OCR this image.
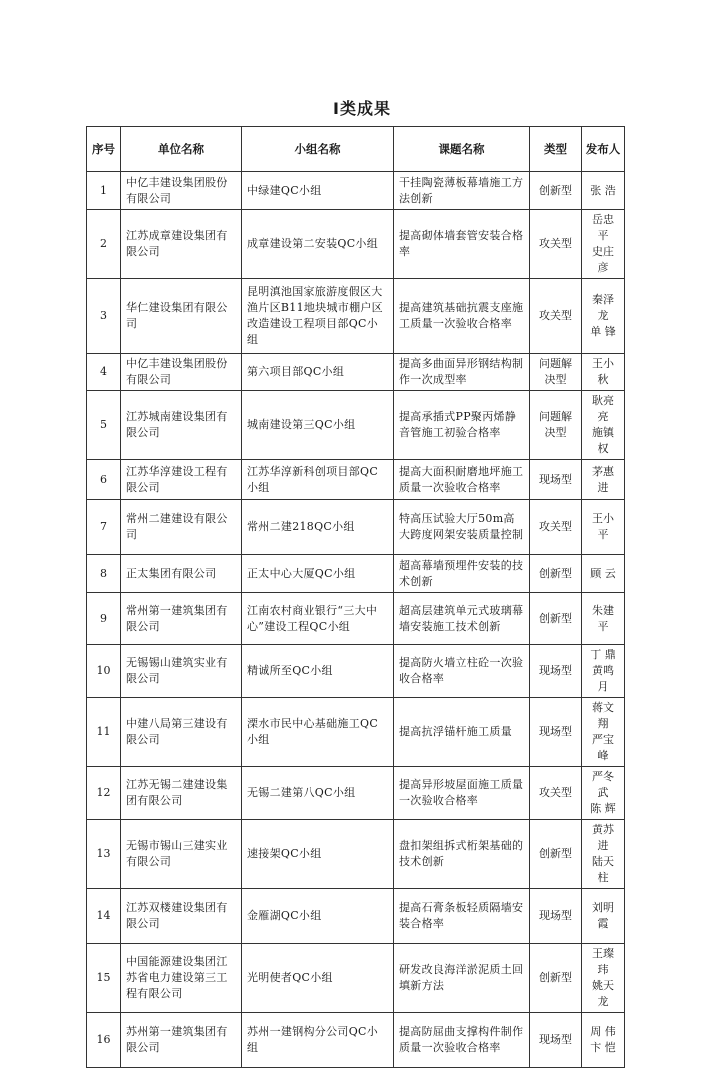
Ⅰ类成果
序号	单位名称	小组名称	课题名称	类型	发布人
1	中亿丰建设集团股份有限公司	中绿建QC小组	干挂陶瓷薄板幕墙施工方法创新	创新型	张 浩
2	江苏成章建设集团有限公司	成章建设第二安装QC小组	提高砌体墙套管安装合格率	攻关型	岳忠平
史庄彦
3	华仁建设集团有限公司	昆明滇池国家旅游度假区大渔片区B11地块城市棚户区改造建设工程项目部QC小组	提高建筑基础抗震支座施工质量一次验收合格率	攻关型	秦泽龙
单 锋
4	中亿丰建设集团股份有限公司	第六项目部QC小组	提高多曲面异形钢结构制作一次成型率	问题解决型	王小秋
5	江苏城南建设集团有限公司	城南建设第三QC小组	提高承插式PP聚丙烯静音管施工初验合格率	问题解决型	耿亮亮
施镇权
6	江苏华淳建设工程有限公司	江苏华淳新科创项目部QC小组	提高大面积耐磨地坪施工质量一次验收合格率	现场型	茅惠进
7	常州二建建设有限公司	常州二建218QC小组	特高压试验大厅50m高大跨度网架安装质量控制	攻关型	王小平
8	正太集团有限公司	正太中心大厦QC小组	超高幕墙预埋件安装的技术创新	创新型	顾 云
9	常州第一建筑集团有限公司	江南农村商业银行“三大中心”建设工程QC小组	超高层建筑单元式玻璃幕墙安装施工技术创新	创新型	朱建平
10	无锡锡山建筑实业有限公司	精诚所至QC小组	提高防火墙立柱砼一次验收合格率	现场型	丁 鼎
黄鸣月
11	中建八局第三建设有限公司	溧水市民中心基础施工QC小组	提高抗浮锚杆施工质量	现场型	蒋文翔
严宝峰
12	江苏无锡二建建设集团有限公司	无锡二建第八QC小组	提高异形坡屋面施工质量一次验收合格率	攻关型	严冬武
陈 辉
13	无锡市锡山三建实业有限公司	速接架QC小组	盘扣架组拆式桁架基础的技术创新	创新型	黄苏进
陆天柱
14	江苏双楼建设集团有限公司	金雁湖QC小组	提高石膏条板轻质隔墙安装合格率	现场型	刘明霞
15	中国能源建设集团江苏省电力建设第三工程有限公司	光明使者QC小组	研发改良海洋淤泥质土回填新方法	创新型	王璨玮
姚天龙
16	苏州第一建筑集团有限公司	苏州一建钢构分公司QC小组	提高防屈曲支撑构件制作质量一次验收合格率	现场型	周 伟
卞 恺
